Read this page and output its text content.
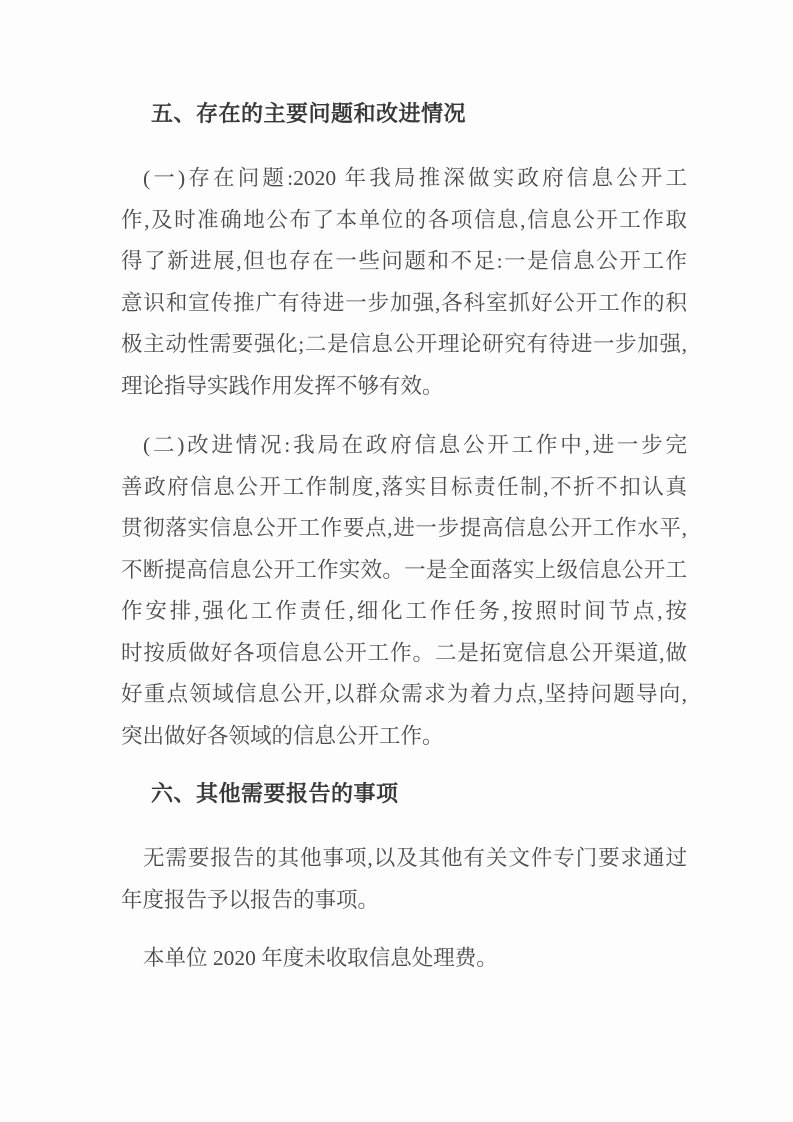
五、存在的主要问题和改进情况
(一)存在问题:2020 年我局推深做实政府信息公开工
作,及时准确地公布了本单位的各项信息,信息公开工作取
得了新进展,但也存在一些问题和不足:一是信息公开工作
意识和宣传推广有待进一步加强,各科室抓好公开工作的积
极主动性需要强化;二是信息公开理论研究有待进一步加强,
理论指导实践作用发挥不够有效。
(二)改进情况:我局在政府信息公开工作中,进一步完
善政府信息公开工作制度,落实目标责任制,不折不扣认真
贯彻落实信息公开工作要点,进一步提高信息公开工作水平,
不断提高信息公开工作实效。一是全面落实上级信息公开工
作安排,强化工作责任,细化工作任务,按照时间节点,按
时按质做好各项信息公开工作。二是拓宽信息公开渠道,做
好重点领域信息公开,以群众需求为着力点,坚持问题导向,
突出做好各领域的信息公开工作。
六、其他需要报告的事项
无需要报告的其他事项,以及其他有关文件专门要求通过
年度报告予以报告的事项。
本单位 2020 年度未收取信息处理费。
